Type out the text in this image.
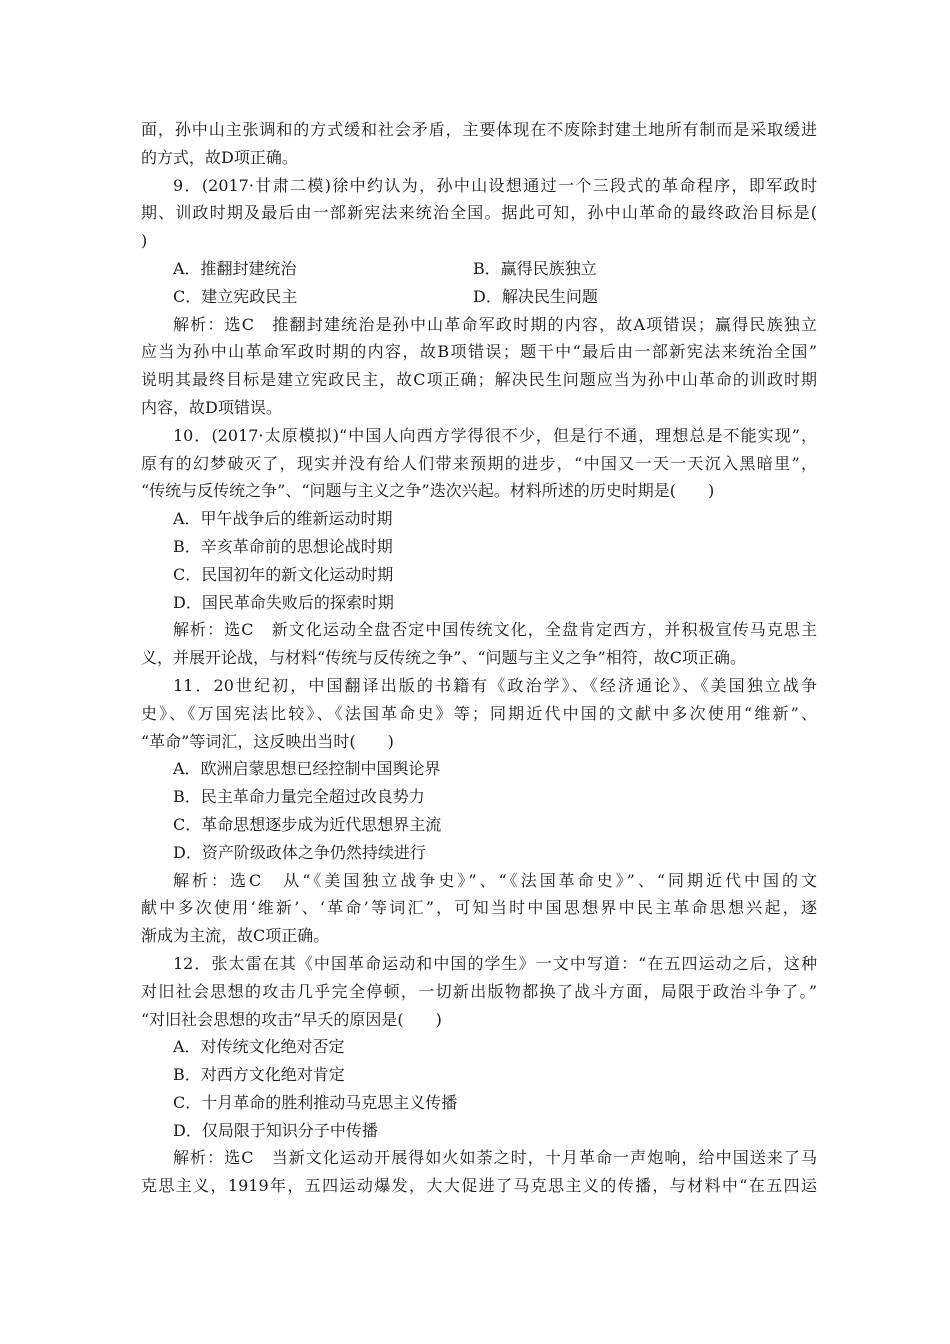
面，孙中山主张调和的方式缓和社会矛盾，主要体现在不废除封建土地所有制而是采取缓进
的方式，故D项正确。
9．(2017·甘肃二模)徐中约认为，孙中山设想通过一个三段式的革命程序，即军政时
期、训政时期及最后由一部新宪法来统治全国。据此可知，孙中山革命的最终政治目标是(
)
A．推翻封建统治	B．赢得民族独立
C．建立宪政民主	D．解决民生问题
解析：选C　推翻封建统治是孙中山革命军政时期的内容，故A项错误；赢得民族独立
应当为孙中山革命军政时期的内容，故B项错误；题干中“最后由一部新宪法来统治全国”
说明其最终目标是建立宪政民主，故C项正确；解决民生问题应当为孙中山革命的训政时期
内容，故D项错误。
10．(2017·太原模拟)“中国人向西方学得很不少，但是行不通，理想总是不能实现”，
原有的幻梦破灭了，现实并没有给人们带来预期的进步，“中国又一天一天沉入黑暗里”，
“传统与反传统之争”、“问题与主义之争”迭次兴起。材料所述的历史时期是(　　)
A．甲午战争后的维新运动时期
B．辛亥革命前的思想论战时期
C．民国初年的新文化运动时期
D．国民革命失败后的探索时期
解析：选C　新文化运动全盘否定中国传统文化，全盘肯定西方，并积极宣传马克思主
义，并展开论战，与材料“传统与反传统之争”、“问题与主义之争”相符，故C项正确。
11．20世纪初，中国翻译出版的书籍有《政治学》、《经济通论》、《美国独立战争
史》、《万国宪法比较》、《法国革命史》等；同期近代中国的文献中多次使用“维新”、
“革命”等词汇，这反映出当时(　　)
A．欧洲启蒙思想已经控制中国舆论界
B．民主革命力量完全超过改良势力
C．革命思想逐步成为近代思想界主流
D．资产阶级政体之争仍然持续进行
解析：选C　从“《美国独立战争史》”、“《法国革命史》”、“同期近代中国的文
献中多次使用‘维新’、‘革命’等词汇”，可知当时中国思想界中民主革命思想兴起，逐
渐成为主流，故C项正确。
12．张太雷在其《中国革命运动和中国的学生》一文中写道：“在五四运动之后，这种
对旧社会思想的攻击几乎完全停顿，一切新出版物都换了战斗方面，局限于政治斗争了。”
“对旧社会思想的攻击”早夭的原因是(　　)
A．对传统文化绝对否定
B．对西方文化绝对肯定
C．十月革命的胜利推动马克思主义传播
D．仅局限于知识分子中传播
解析：选C　当新文化运动开展得如火如荼之时，十月革命一声炮响，给中国送来了马
克思主义，1919年，五四运动爆发，大大促进了马克思主义的传播，与材料中“在五四运
